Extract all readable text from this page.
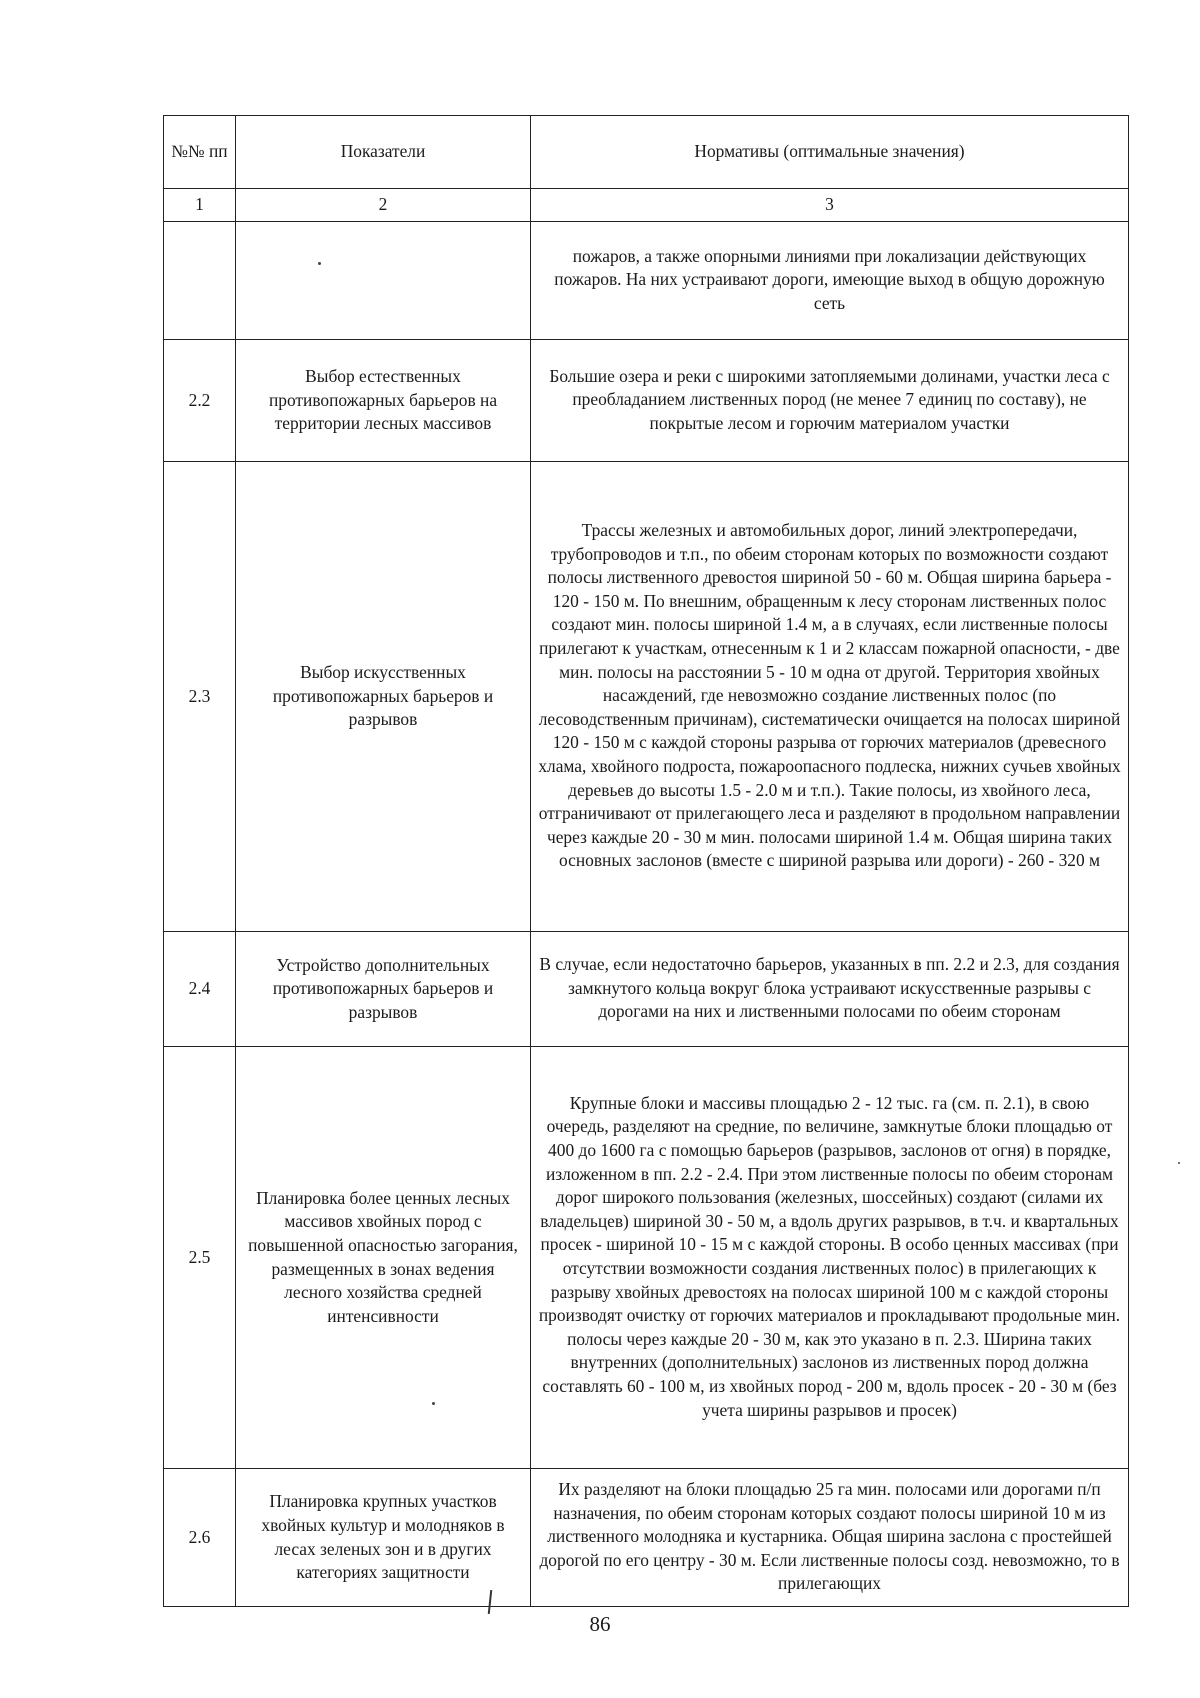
№№ пп	Показатели	Нормативы (оптимальные значения)
1	2	3
		пожаров, а также опорными линиями при локализации действующих пожаров. На них устраивают дороги, имеющие выход в общую дорожную сеть
2.2	Выбор естественных противопожарных барьеров на территории лесных массивов	Большие озера и реки с широкими затопляемыми долинами, участки леса с преобладанием лиственных пород (не менее 7 единиц по составу), не покрытые лесом и горючим материалом участки
2.3	Выбор искусственных противопожарных барьеров и разрывов	Трассы железных и автомобильных дорог, линий электропередачи, трубопроводов и т.п., по обеим сторонам которых по возможности создают полосы лиственного древостоя шириной 50 - 60 м. Общая ширина барьера - 120 - 150 м. По внешним, обращенным к лесу сторонам лиственных полос создают мин. полосы шириной 1.4 м, а в случаях, если лиственные полосы прилегают к участкам, отнесенным к 1 и 2 классам пожарной опасности, - две мин. полосы на расстоянии 5 - 10 м одна от другой. Территория хвойных насаждений, где невозможно создание лиственных полос (по лесоводственным причинам), систематически очищается на полосах шириной 120 - 150 м с каждой стороны разрыва от горючих материалов (древесного хлама, хвойного подроста, пожароопасного подлеска, нижних сучьев хвойных деревьев до высоты 1.5 - 2.0 м и т.п.). Такие полосы, из хвойного леса, отграничивают от прилегающего леса и разделяют в продольном направлении через каждые 20 - 30 м мин. полосами шириной 1.4 м. Общая ширина таких основных заслонов (вместе с шириной разрыва или дороги) - 260 - 320 м
2.4	Устройство дополнительных противопожарных барьеров и разрывов	В случае, если недостаточно барьеров, указанных в пп. 2.2 и 2.3, для создания замкнутого кольца вокруг блока устраивают искусственные разрывы с дорогами на них и лиственными полосами по обеим сторонам
2.5	Планировка более ценных лесных массивов хвойных пород с повышенной опасностью загорания, размещенных в зонах ведения лесного хозяйства средней интенсивности	Крупные блоки и массивы площадью 2 - 12 тыс. га (см. п. 2.1), в свою очередь, разделяют на средние, по величине, замкнутые блоки площадью от 400 до 1600 га с помощью барьеров (разрывов, заслонов от огня) в порядке, изложенном в пп. 2.2 - 2.4. При этом лиственные полосы по обеим сторонам дорог широкого пользования (железных, шоссейных) создают (силами их владельцев) шириной 30 - 50 м, а вдоль других разрывов, в т.ч. и квартальных просек - шириной 10 - 15 м с каждой стороны. В особо ценных массивах (при отсутствии возможности создания лиственных полос) в прилегающих к разрыву хвойных древостоях на полосах шириной 100 м с каждой стороны производят очистку от горючих материалов и прокладывают продольные мин. полосы через каждые 20 - 30 м, как это указано в п. 2.3. Ширина таких внутренних (дополнительных) заслонов из лиственных пород должна составлять 60 - 100 м, из хвойных пород - 200 м, вдоль просек - 20 - 30 м (без учета ширины разрывов и просек)
2.6	Планировка крупных участков хвойных культур и молодняков в лесах зеленых зон и в других категориях защитности	Их разделяют на блоки площадью 25 га мин. полосами или дорогами п/п назначения, по обеим сторонам которых создают полосы шириной 10 м из лиственного молодняка и кустарника. Общая ширина заслона с простейшей дорогой по его центру - 30 м. Если лиственные полосы созд. невозможно, то в прилегающих
86
